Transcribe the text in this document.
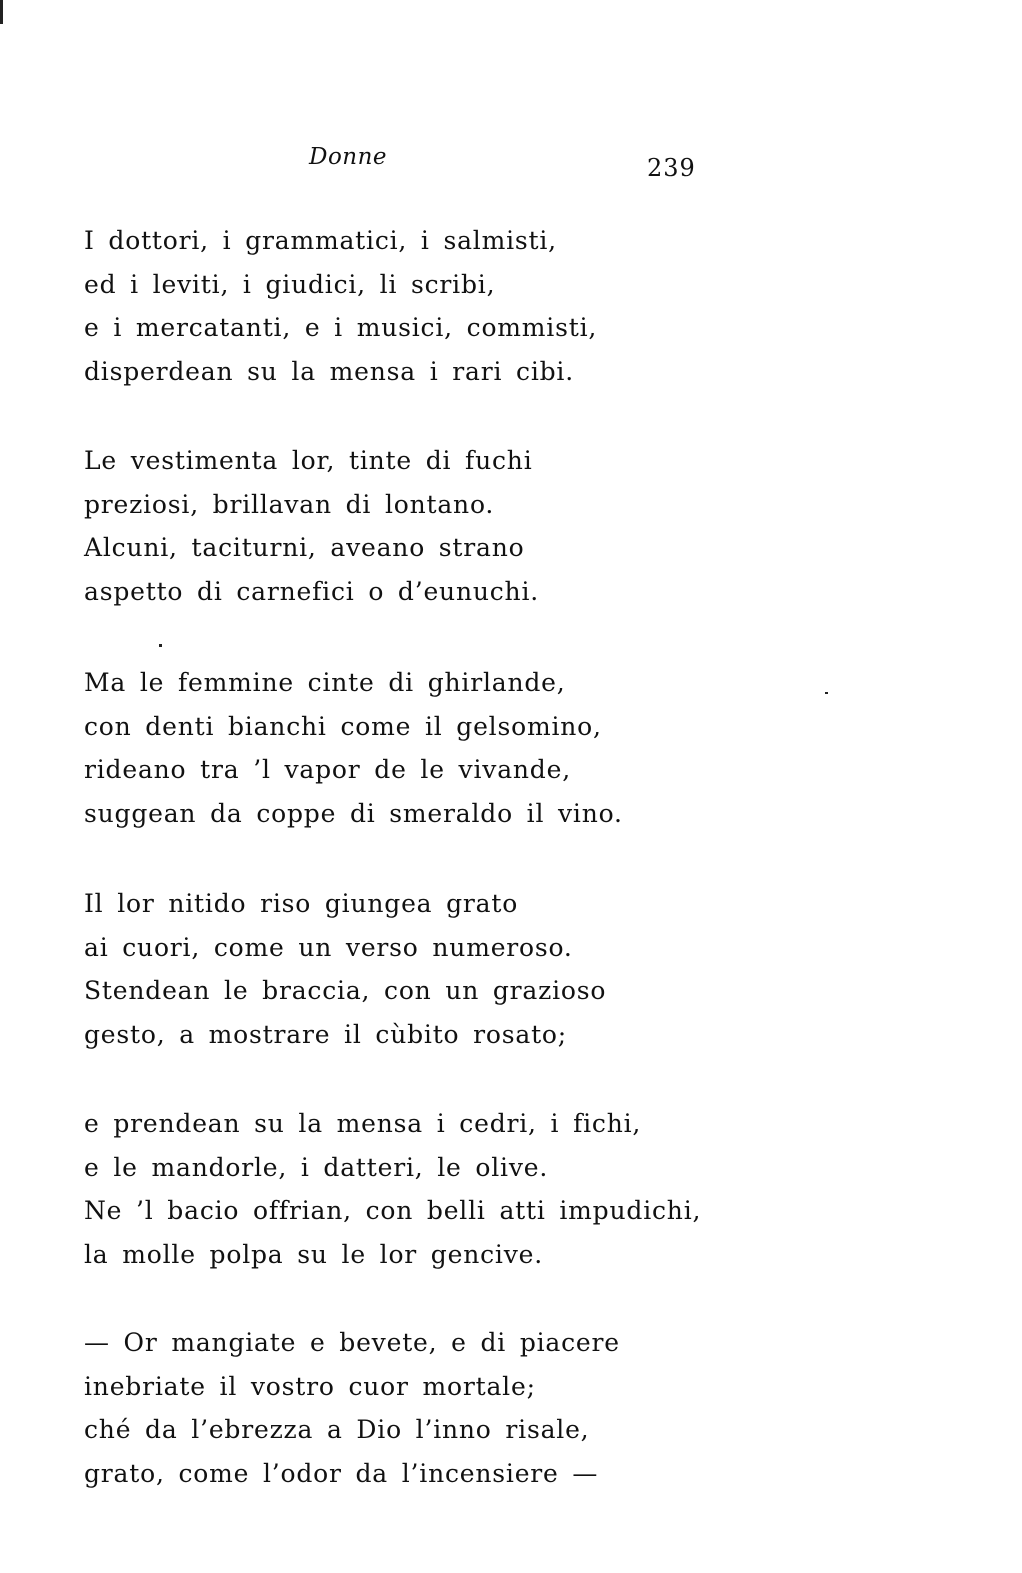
Donne	239
I dottori, i grammatici, i salmisti,
ed i leviti, i giudici, li scribi,
e i mercatanti, e i musici, commisti,
disperdean su la mensa i rari cibi.
Le vestimenta lor, tinte di fuchi
preziosi, brillavan di lontano.
Alcuni, taciturni, aveano strano
aspetto di carnefici o d’eunuchi.
Ma le femmine cinte di ghirlande,
con denti bianchi come il gelsomino,
rideano tra ’l vapor de le vivande,
suggean da coppe di smeraldo il vino.
Il lor nitido riso giungea grato
ai cuori, come un verso numeroso.
Stendean le braccia, con un grazioso
gesto, a mostrare il cùbito rosato;
e prendean su la mensa i cedri, i fichi,
e le mandorle, i datteri, le olive.
Ne ’l bacio offrian, con belli atti impudichi,
la molle polpa su le lor gencive.
— Or mangiate e bevete, e di piacere
inebriate il vostro cuor mortale;
ché da l’ebrezza a Dio l’inno risale,
grato, come l’odor da l’incensiere —
